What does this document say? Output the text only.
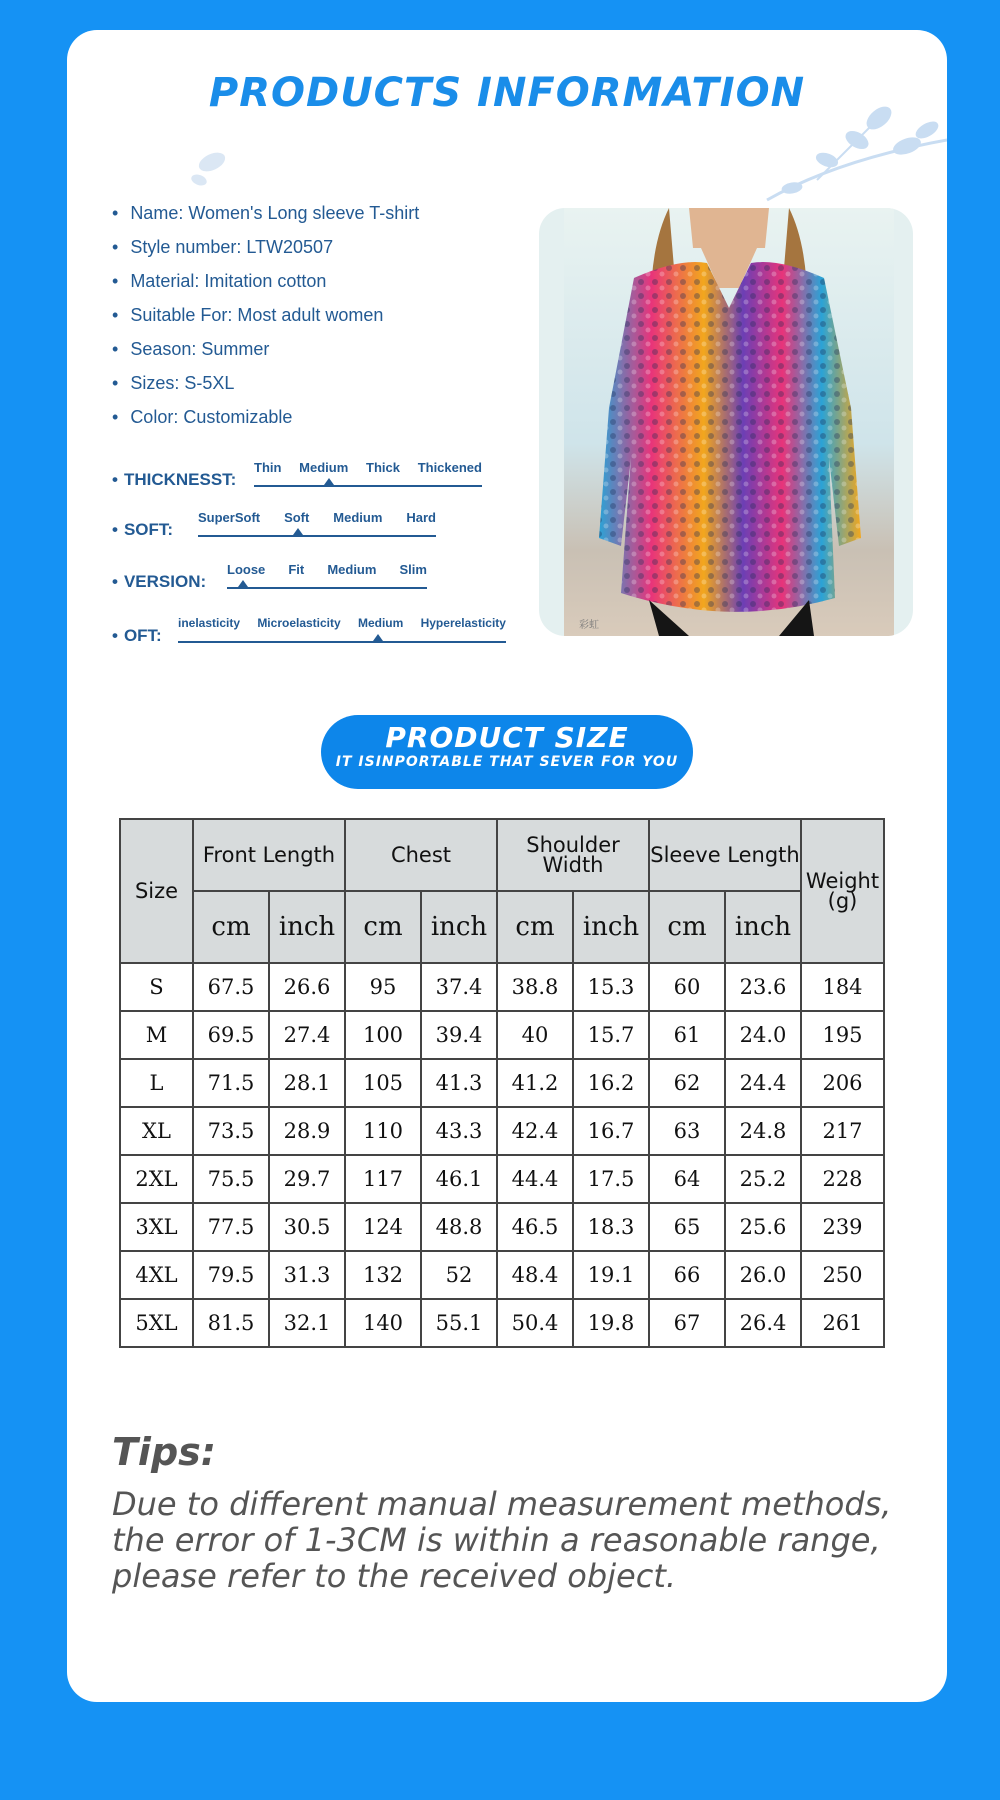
PRODUCTS INFORMATION
• Name: Women's Long sleeve T-shirt
• Style number: LTW20507
• Material: Imitation cotton
• Suitable For: Most adult women
• Season: Summer
• Sizes: S-5XL
• Color: Customizable
• THICKNESST:
Thin Medium Thick Thickened
• SOFT:
SuperSoft Soft Medium Hard
• VERSION:
Loose Fit Medium Slim
• OFT:
inelasticity Microelasticity Medium Hyperelasticity	彩虹
PRODUCT SIZE
IT ISINPORTABLE THAT SEVER FOR YOU
Size	Front Length		Chest		Shoulder Width		Sleeve Length		Weight (g)
	cm	inch	cm	inch	cm	inch	cm	inch	
S	67.5	26.6	95	37.4	38.8	15.3	60	23.6	184
M	69.5	27.4	100	39.4	40	15.7	61	24.0	195
L	71.5	28.1	105	41.3	41.2	16.2	62	24.4	206
XL	73.5	28.9	110	43.3	42.4	16.7	63	24.8	217
2XL	75.5	29.7	117	46.1	44.4	17.5	64	25.2	228
3XL	77.5	30.5	124	48.8	46.5	18.3	65	25.6	239
4XL	79.5	31.3	132	52	48.4	19.1	66	26.0	250
5XL	81.5	32.1	140	55.1	50.4	19.8	67	26.4	261
Tips:

Due to different manual measurement methods, the error of 1-3CM is within a reasonable range, please refer to the received object.
